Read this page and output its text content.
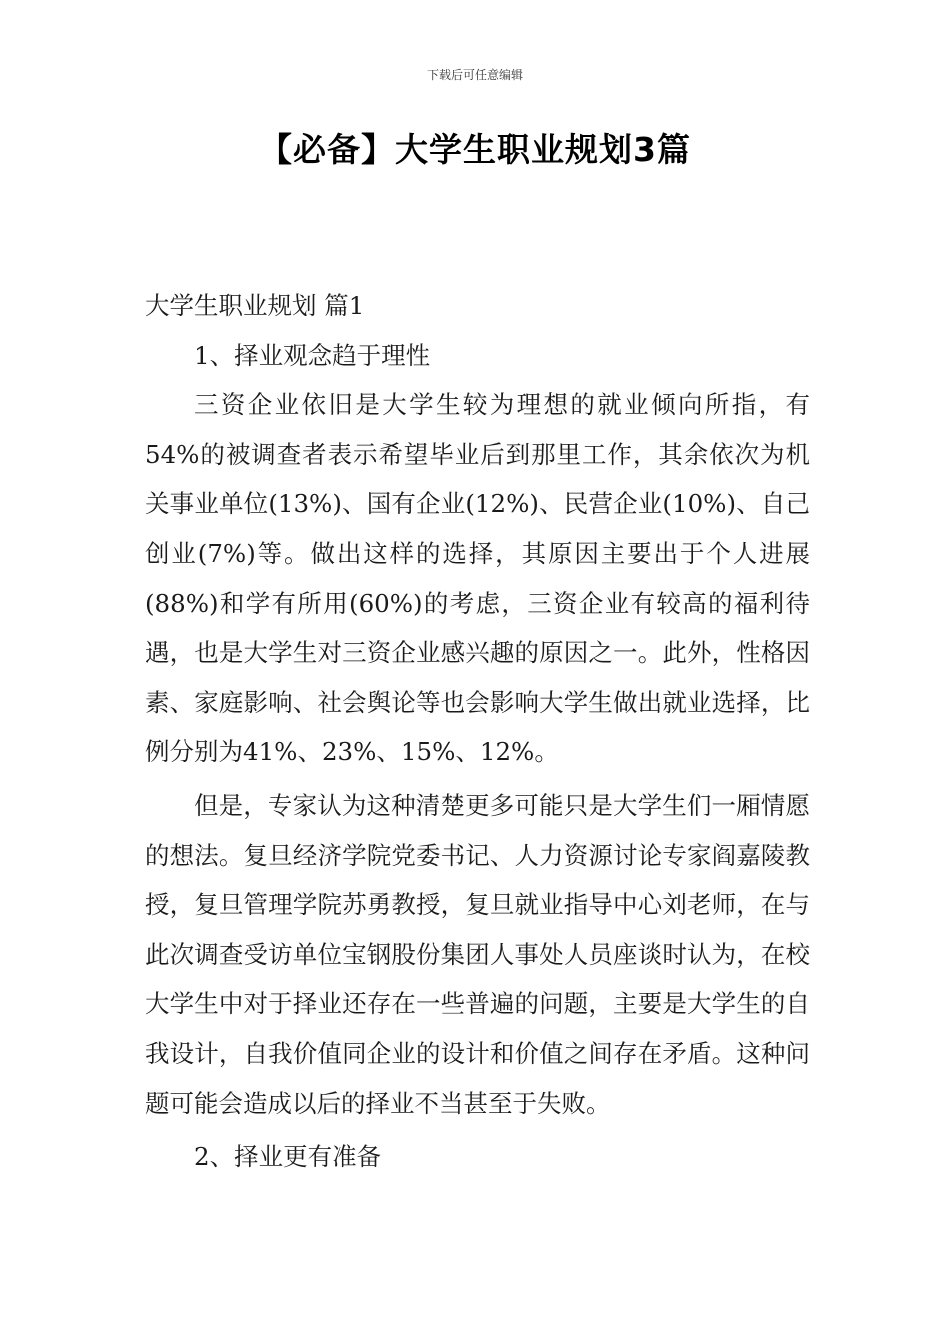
下载后可任意编辑
【必备】大学生职业规划3篇

大学生职业规划 篇1

1、择业观念趋于理性

三资企业依旧是大学生较为理想的就业倾向所指，有54%的被调查者表示希望毕业后到那里工作，其余依次为机关事业单位(13%)、国有企业(12%)、民营企业(10%)、自己创业(7%)等。做出这样的选择，其原因主要出于个人进展(88%)和学有所用(60%)的考虑，三资企业有较高的福利待遇，也是大学生对三资企业感兴趣的原因之一。此外，性格因素、家庭影响、社会舆论等也会影响大学生做出就业选择，比例分别为41%、23%、15%、12%。

但是，专家认为这种清楚更多可能只是大学生们一厢情愿的想法。复旦经济学院党委书记、人力资源讨论专家阎嘉陵教授，复旦管理学院苏勇教授，复旦就业指导中心刘老师，在与此次调查受访单位宝钢股份集团人事处人员座谈时认为，在校大学生中对于择业还存在一些普遍的问题，主要是大学生的自我设计，自我价值同企业的设计和价值之间存在矛盾。这种问题可能会造成以后的择业不当甚至于失败。

2、择业更有准备
